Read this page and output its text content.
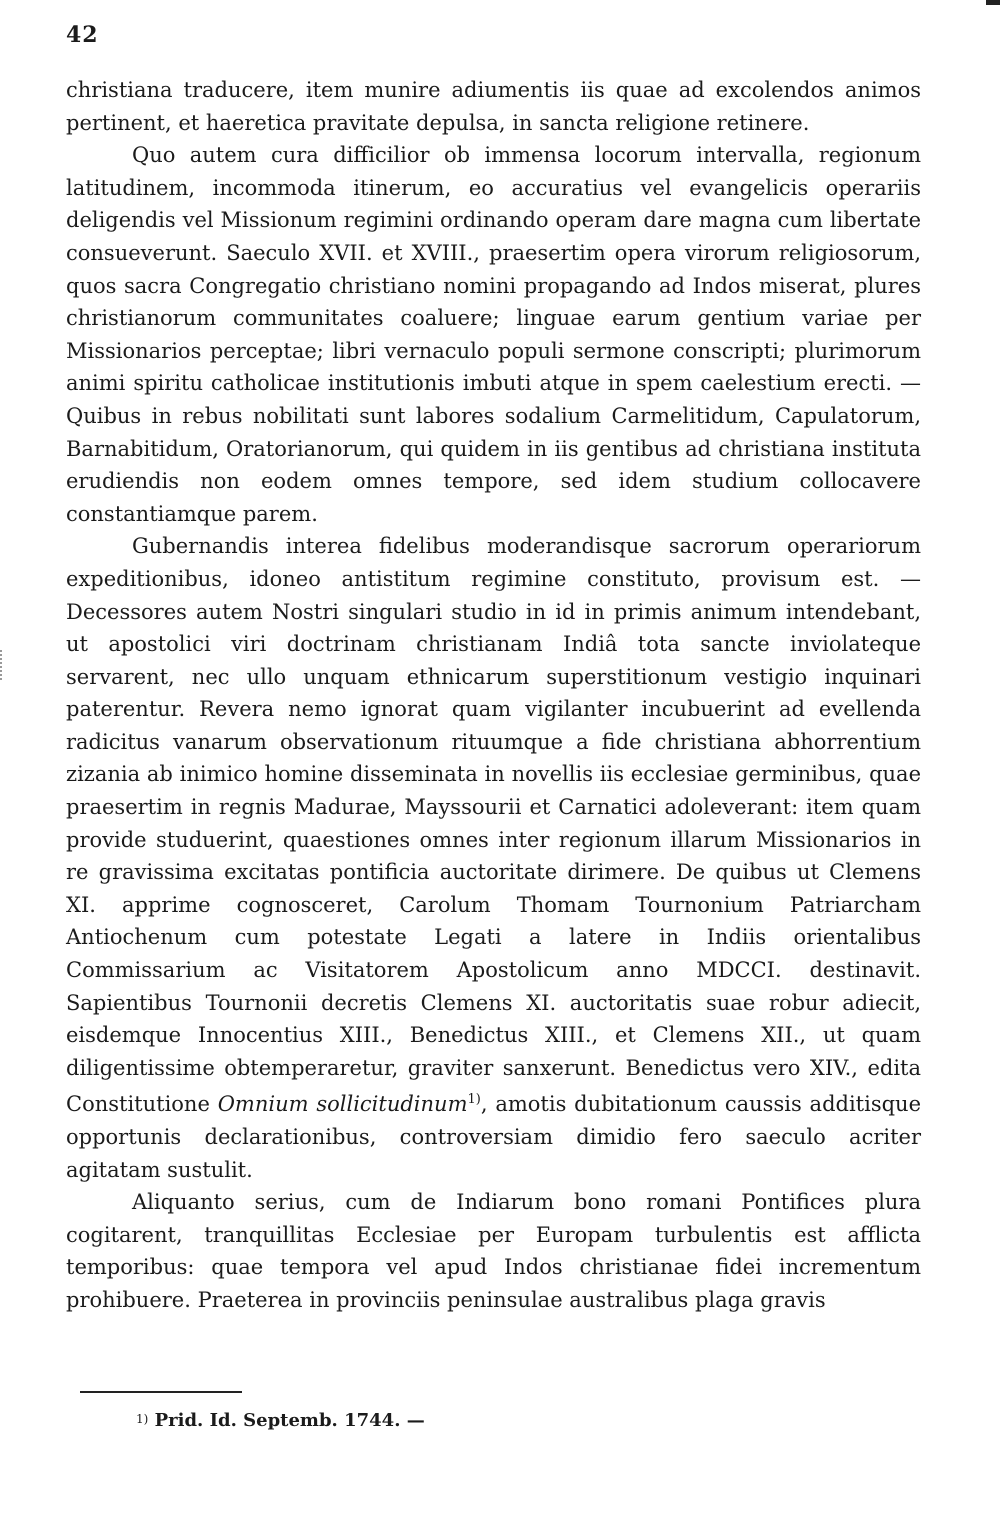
42

christiana traducere, item munire adiumentis iis quae ad excolendos animos pertinent, et haeretica pravitate depulsa, in sancta religione retinere.

Quo autem cura difficilior ob immensa locorum intervalla, regionum latitudinem, incommoda itinerum, eo accuratius vel evangelicis operariis deligendis vel Missionum regimini ordinando operam dare magna cum libertate consueverunt. Saeculo XVII. et XVIII., praesertim opera virorum religiosorum, quos sacra Congregatio christiano nomini propagando ad Indos miserat, plures christianorum communitates coaluere; linguae earum gentium variae per Missionarios perceptae; libri vernaculo populi sermone conscripti; plurimorum animi spiritu catholicae institutionis imbuti atque in spem caelestium erecti. — Quibus in rebus nobilitati sunt labores sodalium Carmelitidum, Capulatorum, Barnabitidum, Oratorianorum, qui quidem in iis gentibus ad christiana instituta erudiendis non eodem omnes tempore, sed idem studium collocavere constantiamque parem.

Gubernandis interea fidelibus moderandisque sacrorum operariorum expeditionibus, idoneo antistitum regimine constituto, provisum est. — Decessores autem Nostri singulari studio in id in primis animum intendebant, ut apostolici viri doctrinam christianam Indiâ tota sancte inviolateque servarent, nec ullo unquam ethnicarum superstitionum vestigio inquinari paterentur. Revera nemo ignorat quam vigilanter incubuerint ad evellenda radicitus vanarum observationum rituumque a fide christiana abhorrentium zizania ab inimico homine disseminata in novellis iis ecclesiae germinibus, quae praesertim in regnis Madurae, Mayssourii et Carnatici adoleverant: item quam provide studuerint, quaestiones omnes inter regionum illarum Missionarios in re gravissima excitatas pontificia auctoritate dirimere. De quibus ut Clemens XI. apprime cognosceret, Carolum Thomam Tournonium Patriarcham Antiochenum cum potestate Legati a latere in Indiis orientalibus Commissarium ac Visitatorem Apostolicum anno MDCCI. destinavit. Sapientibus Tournonii decretis Clemens XI. auctoritatis suae robur adiecit, eisdemque Innocentius XIII., Benedictus XIII., et Clemens XII., ut quam diligentissime obtemperaretur, graviter sanxerunt. Benedictus vero XIV., edita Constitutione Omnium sollicitudinum$^{1)}$, amotis dubitationum caussis additisque opportunis declarationibus, controversiam dimidio fero saeculo acriter agitatam sustulit.

Aliquanto serius, cum de Indiarum bono romani Pontifices plura cogitarent, tranquillitas Ecclesiae per Europam turbulentis est afflicta temporibus: quae tempora vel apud Indos christianae fidei incrementum prohibuere. Praeterea in provinciis peninsulae australibus plaga gravis

$^{1)}$ Prid. Id. Septemb. 1744. —
